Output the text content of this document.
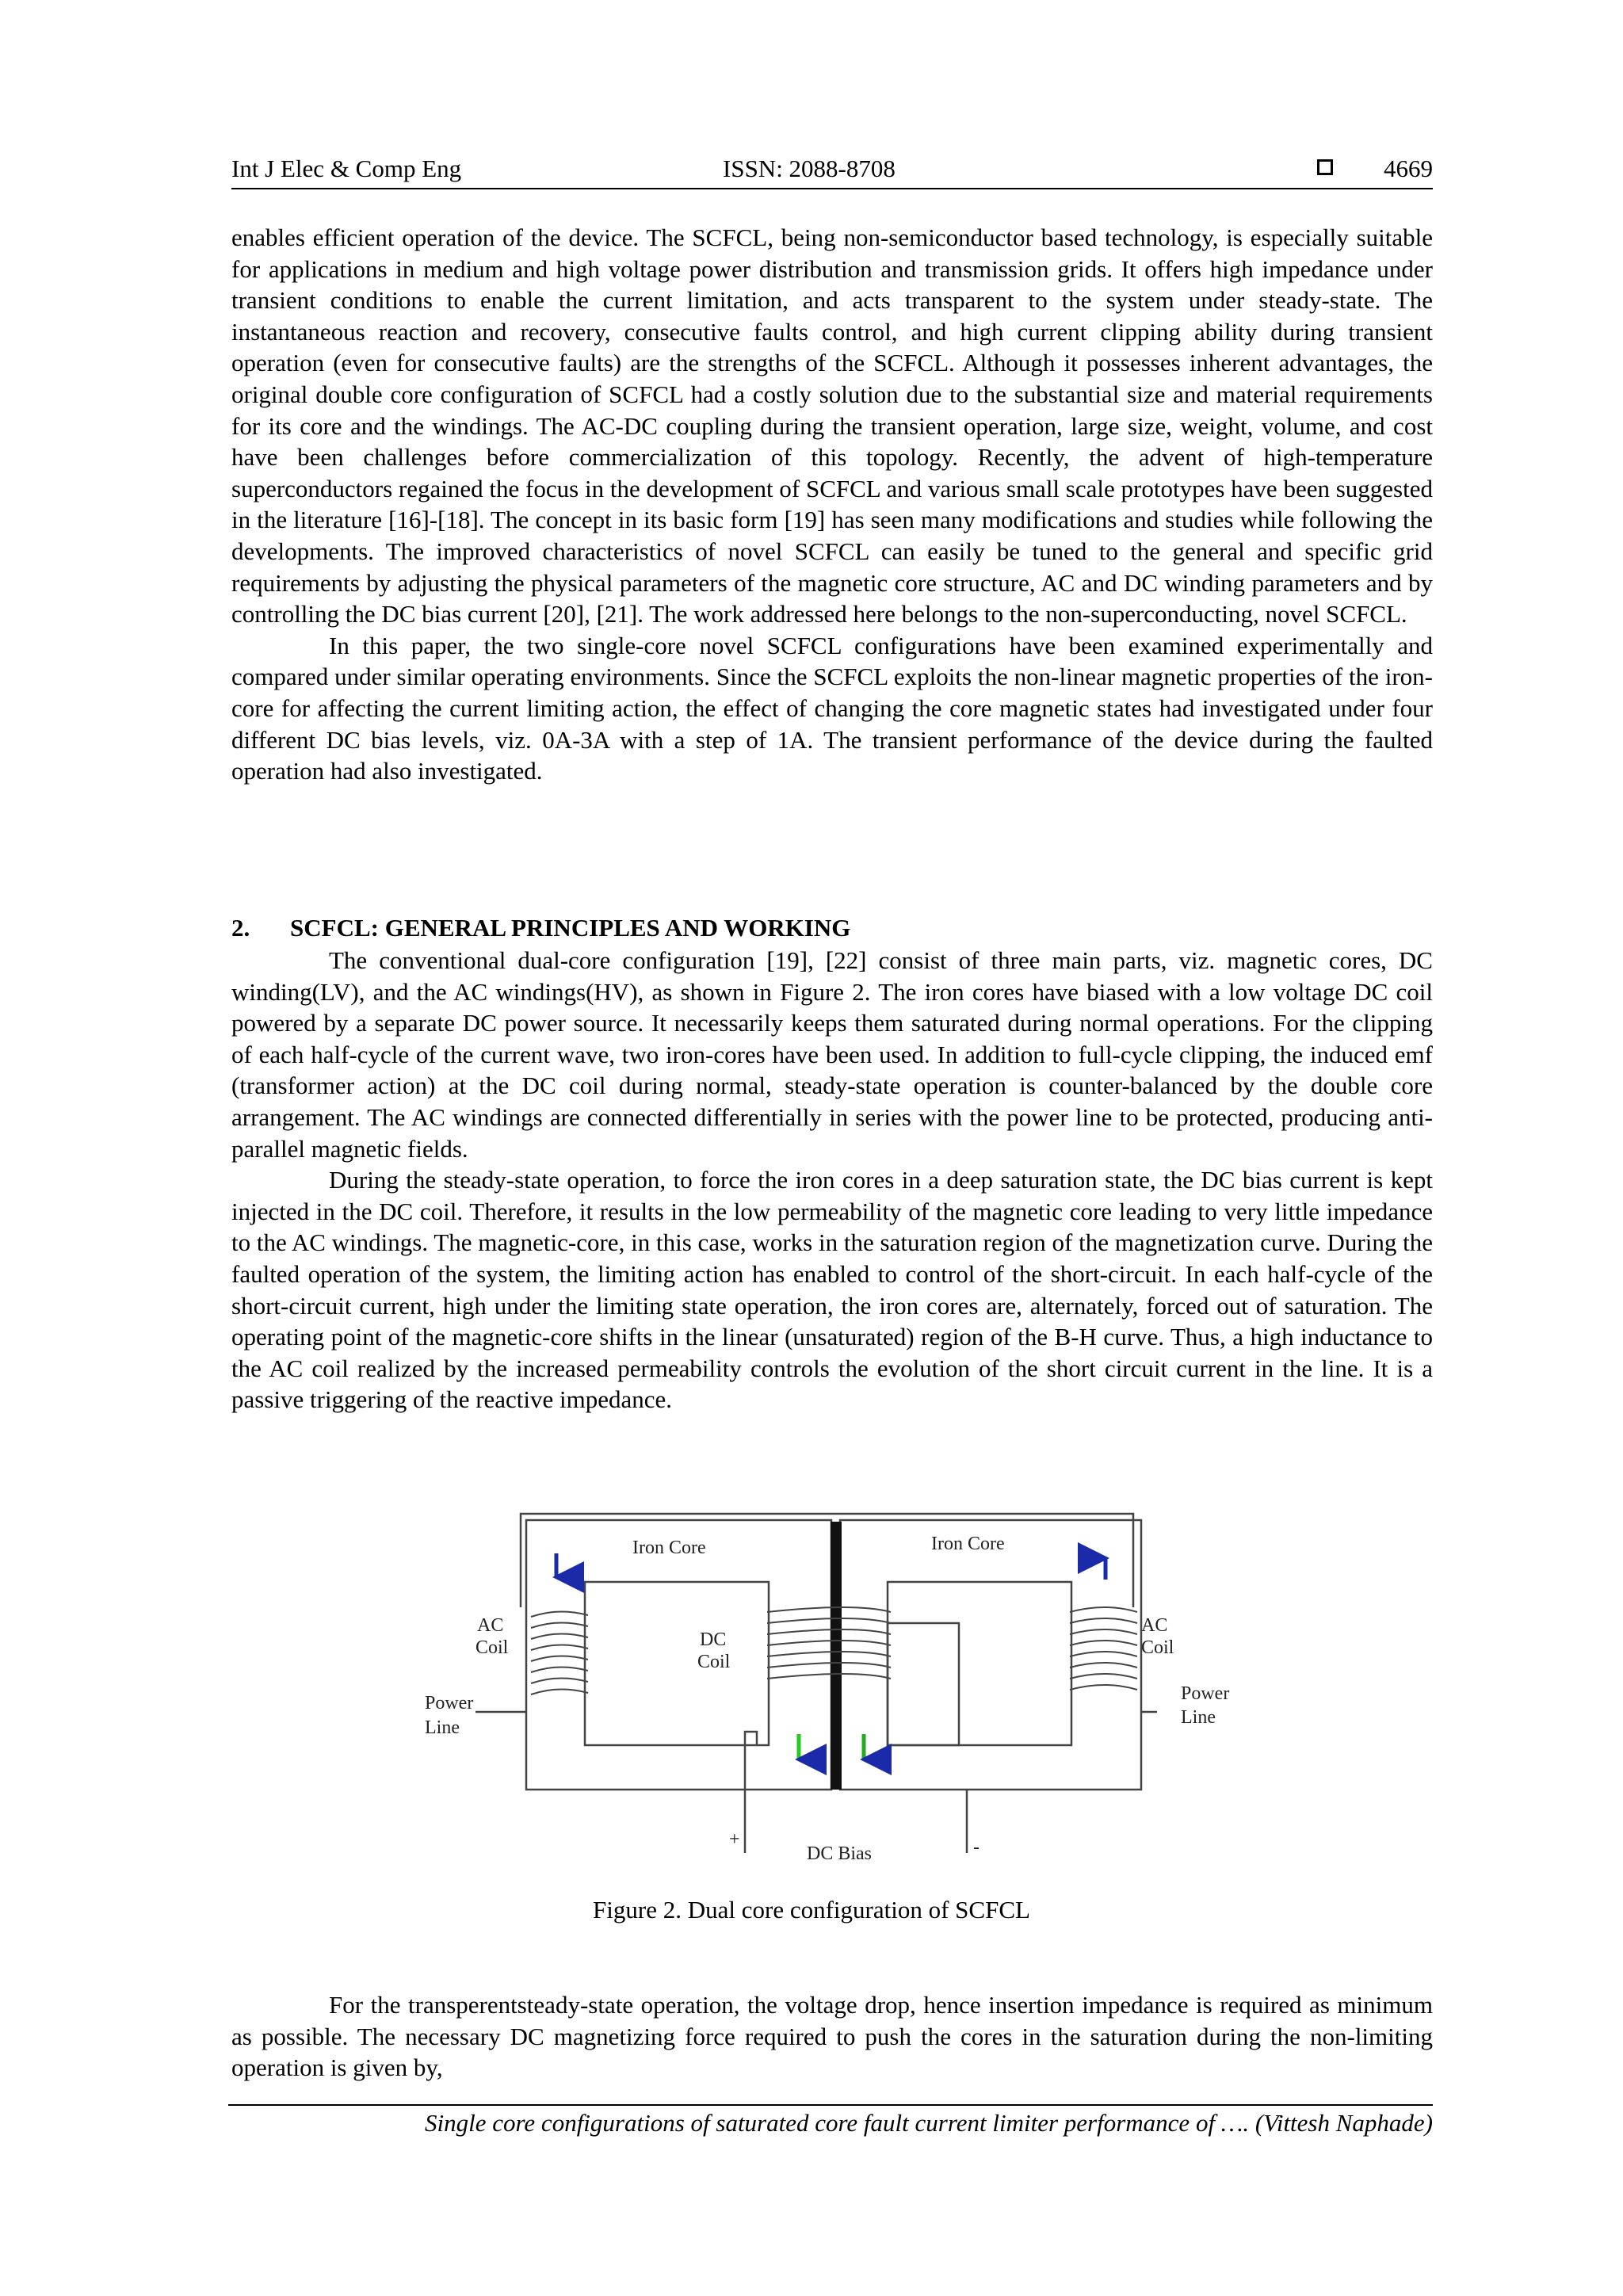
Int J Elec & Comp Eng	ISSN: 2088-8708	4669

enables efficient operation of the device. The SCFCL, being non-semiconductor based technology, is especially suitable for applications in medium and high voltage power distribution and transmission grids. It offers high impedance under transient conditions to enable the current limitation, and acts transparent to the system under steady-state. The instantaneous reaction and recovery, consecutive faults control, and high current clipping ability during transient operation (even for consecutive faults) are the strengths of the SCFCL. Although it possesses inherent advantages, the original double core configuration of SCFCL had a costly solution due to the substantial size and material requirements for its core and the windings. The AC-DC coupling during the transient operation, large size, weight, volume, and cost have been challenges before commercialization of this topology. Recently, the advent of high-temperature superconductors regained the focus in the development of SCFCL and various small scale prototypes have been suggested in the literature [16]-[18]. The concept in its basic form [19] has seen many modifications and studies while following the developments. The improved characteristics of novel SCFCL can easily be tuned to the general and specific grid requirements by adjusting the physical parameters of the magnetic core structure, AC and DC winding parameters and by controlling the DC bias current [20], [21]. The work addressed here belongs to the non-superconducting, novel SCFCL.

In this paper, the two single-core novel SCFCL configurations have been examined experimentally and compared under similar operating environments. Since the SCFCL exploits the non-linear magnetic properties of the iron-core for affecting the current limiting action, the effect of changing the core magnetic states had investigated under four different DC bias levels, viz. 0A-3A with a step of 1A. The transient performance of the device during the faulted operation had also investigated.

2. SCFCL: GENERAL PRINCIPLES AND WORKING

The conventional dual-core configuration [19], [22] consist of three main parts, viz. magnetic cores, DC winding(LV), and the AC windings(HV), as shown in Figure 2. The iron cores have biased with a low voltage DC coil powered by a separate DC power source. It necessarily keeps them saturated during normal operations. For the clipping of each half-cycle of the current wave, two iron-cores have been used. In addition to full-cycle clipping, the induced emf (transformer action) at the DC coil during normal, steady-state operation is counter-balanced by the double core arrangement. The AC windings are connected differentially in series with the power line to be protected, producing anti-parallel magnetic fields.

During the steady-state operation, to force the iron cores in a deep saturation state, the DC bias current is kept injected in the DC coil. Therefore, it results in the low permeability of the magnetic core leading to very little impedance to the AC windings. The magnetic-core, in this case, works in the saturation region of the magnetization curve. During the faulted operation of the system, the limiting action has enabled to control of the short-circuit. In each half-cycle of the short-circuit current, high under the limiting state operation, the iron cores are, alternately, forced out of saturation. The operating point of the magnetic-core shifts in the linear (unsaturated) region of the B-H curve. Thus, a high inductance to the AC coil realized by the increased permeability controls the evolution of the short circuit current in the line. It is a passive triggering of the reactive impedance.

Iron Core	Iron Core
AC
Coil	DC
Coil
Power
Line
AC
Coil
Power
Line
DC Bias
+	-
Figure 2. Dual core configuration of SCFCL

For the transperentsteady-state operation, the voltage drop, hence insertion impedance is required as minimum as possible. The necessary DC magnetizing force required to push the cores in the saturation during the non-limiting operation is given by,

Single core configurations of saturated core fault current limiter performance of …. (Vittesh Naphade)
